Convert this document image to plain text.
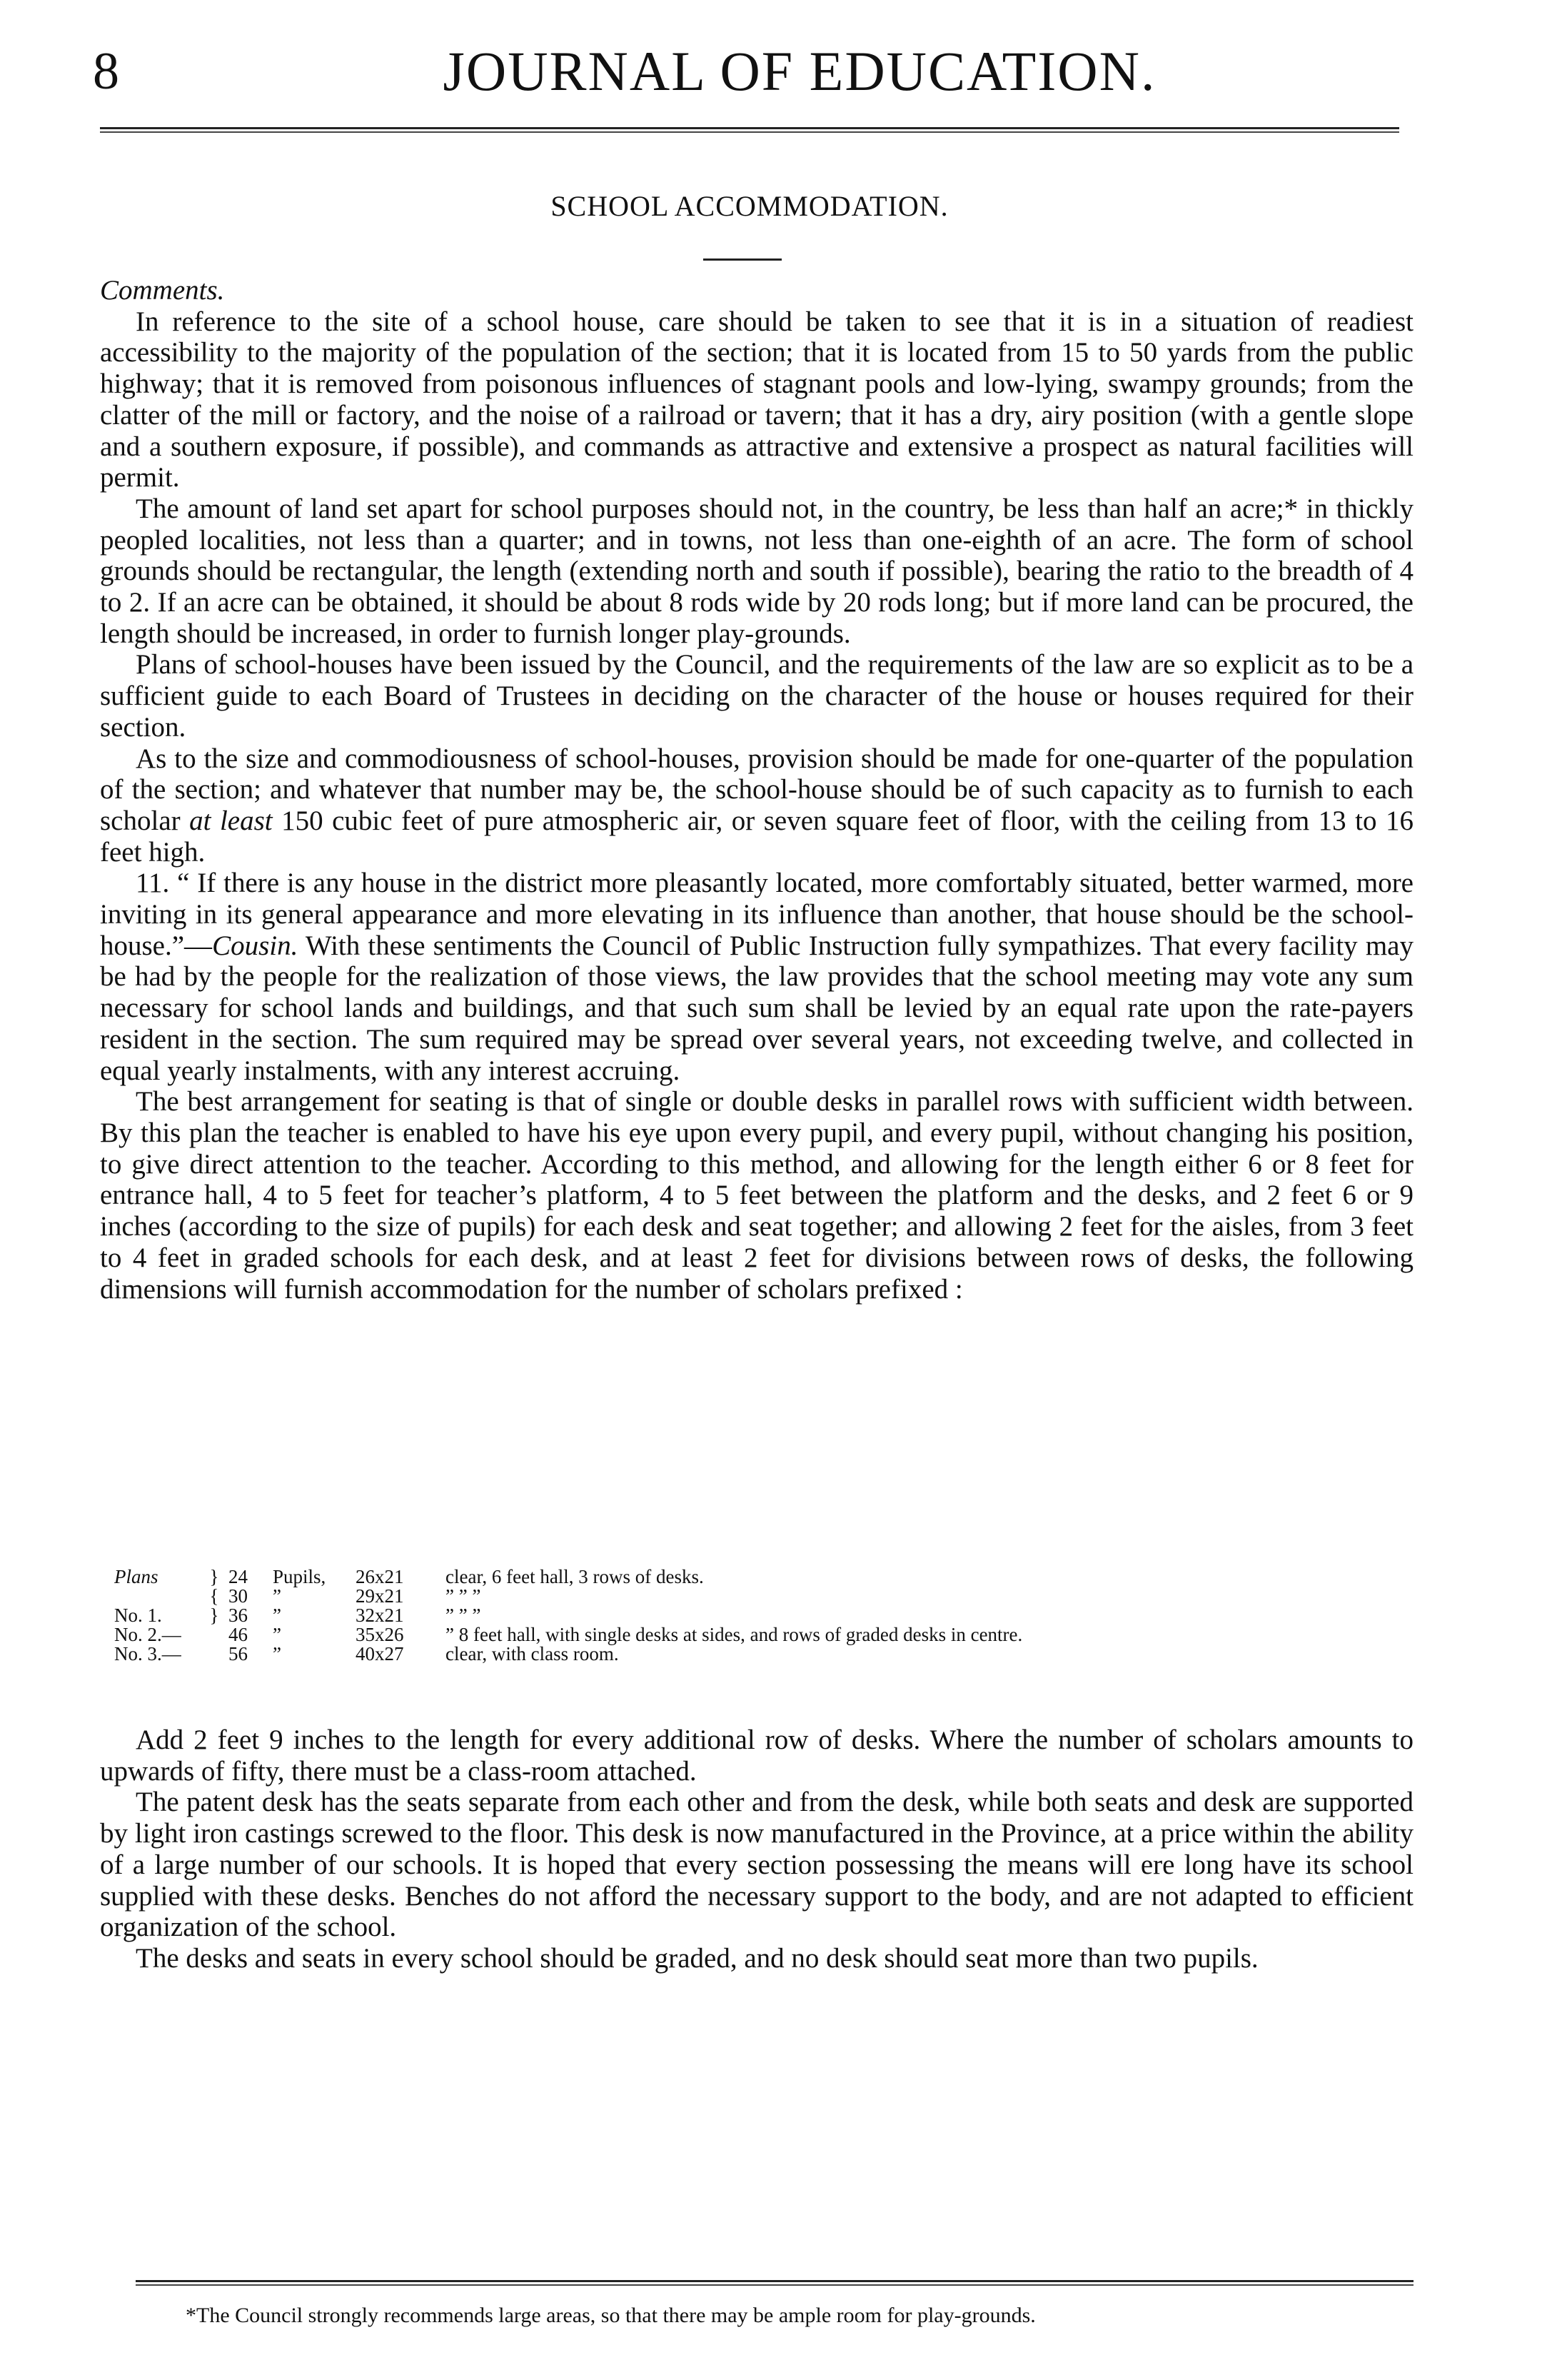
8	JOURNAL OF EDUCATION.
SCHOOL ACCOMMODATION.

Comments.

In reference to the site of a school house, care should be taken to see that it is in a situation of readiest accessibility to the majority of the population of the section; that it is located from 15 to 50 yards from the public highway; that it is removed from poisonous influences of stagnant pools and low-lying, swampy grounds; from the clatter of the mill or factory, and the noise of a railroad or tavern; that it has a dry, airy position (with a gentle slope and a southern exposure, if possible), and commands as attractive and extensive a prospect as natural facilities will permit.

The amount of land set apart for school purposes should not, in the country, be less than half an acre;* in thickly peopled localities, not less than a quarter; and in towns, not less than one-eighth of an acre. The form of school grounds should be rectangular, the length (extending north and south if possible), bearing the ratio to the breadth of 4 to 2. If an acre can be obtained, it should be about 8 rods wide by 20 rods long; but if more land can be procured, the length should be increased, in order to furnish longer play-grounds.

Plans of school-houses have been issued by the Council, and the requirements of the law are so explicit as to be a sufficient guide to each Board of Trustees in deciding on the character of the house or houses required for their section.

As to the size and commodiousness of school-houses, provision should be made for one-quarter of the population of the section; and whatever that number may be, the school-house should be of such capacity as to furnish to each scholar at least 150 cubic feet of pure atmospheric air, or seven square feet of floor, with the ceiling from 13 to 16 feet high.

11. “ If there is any house in the district more pleasantly located, more comfortably situated, better warmed, more inviting in its general appearance and more elevating in its influence than another, that house should be the school-house.”—Cousin. With these sentiments the Council of Public Instruction fully sympathizes. That every facility may be had by the people for the realization of those views, the law provides that the school meeting may vote any sum necessary for school lands and buildings, and that such sum shall be levied by an equal rate upon the rate-payers resident in the section. The sum required may be spread over several years, not exceeding twelve, and collected in equal yearly instalments, with any interest accruing.

The best arrangement for seating is that of single or double desks in parallel rows with sufficient width between. By this plan the teacher is enabled to have his eye upon every pupil, and every pupil, without changing his position, to give direct attention to the teacher. According to this method, and allowing for the length either 6 or 8 feet for entrance hall, 4 to 5 feet for teacher’s platform, 4 to 5 feet between the platform and the desks, and 2 feet 6 or 9 inches (according to the size of pupils) for each desk and seat together; and allowing 2 feet for the aisles, from 3 feet to 4 feet in graded schools for each desk, and at least 2 feet for divisions between rows of desks, the following dimensions will furnish accommodation for the number of scholars prefixed :

Plans	}	24	Pupils,	26x21	clear, 6 feet hall, 3 rows of desks.
	{	30	”	29x21	” ” ”
No. 1.	}	36	”	32x21	” ” ”
No. 2.—		46	”	35x26	” 8 feet hall, with single desks at sides, and rows of graded desks in centre.
No. 3.—		56	”	40x27	clear, with class room.

Add 2 feet 9 inches to the length for every additional row of desks. Where the number of scholars amounts to upwards of fifty, there must be a class-room attached.

The patent desk has the seats separate from each other and from the desk, while both seats and desk are supported by light iron castings screwed to the floor. This desk is now manufactured in the Province, at a price within the ability of a large number of our schools. It is hoped that every section possessing the means will ere long have its school supplied with these desks. Benches do not afford the necessary support to the body, and are not adapted to efficient organization of the school.

The desks and seats in every school should be graded, and no desk should seat more than two pupils.

*The Council strongly recommends large areas, so that there may be ample room for play-grounds.
